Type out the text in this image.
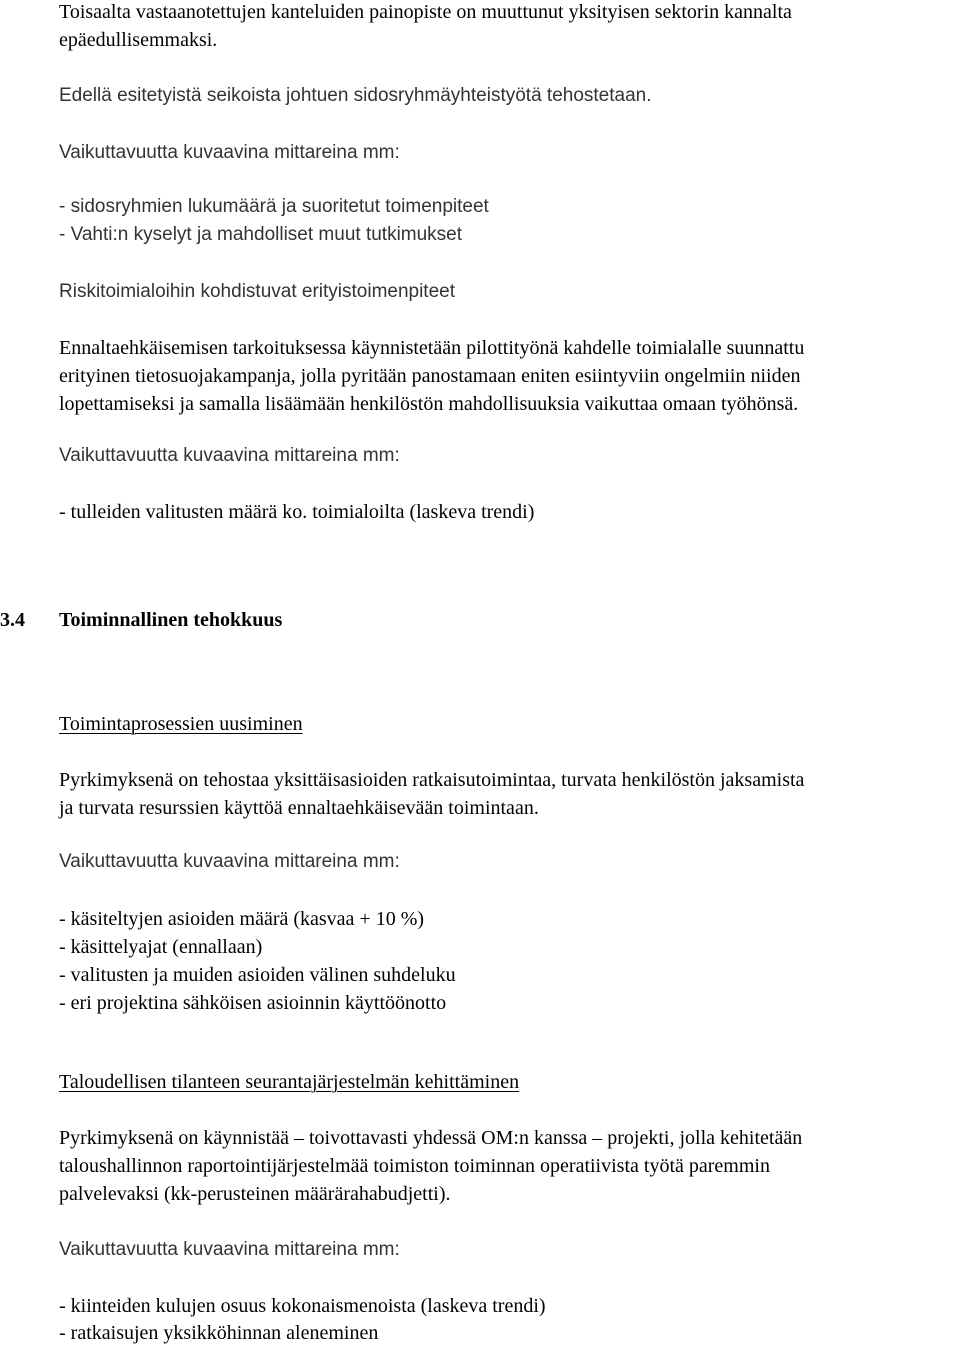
Toisaalta vastaanotettujen kanteluiden painopiste on muuttunut yksityisen sektorin kannalta
epäedullisemmaksi.
Edellä esitetyistä seikoista johtuen sidosryhmäyhteistyötä tehostetaan.
Vaikuttavuutta kuvaavina mittareina mm:
- sidosryhmien lukumäärä ja suoritetut toimenpiteet
- Vahti:n kyselyt ja mahdolliset muut tutkimukset
Riskitoimialoihin kohdistuvat erityistoimenpiteet
Ennaltaehkäisemisen tarkoituksessa käynnistetään pilottityönä kahdelle toimialalle suunnattu
erityinen tietosuojakampanja, jolla pyritään panostamaan eniten esiintyviin ongelmiin niiden
lopettamiseksi ja samalla lisäämään henkilöstön mahdollisuuksia vaikuttaa omaan työhönsä.
Vaikuttavuutta kuvaavina mittareina mm:
- tulleiden valitusten määrä ko. toimialoilta (laskeva trendi)
3.4 Toiminnallinen tehokkuus
Toimintaprosessien uusiminen
Pyrkimyksenä on tehostaa yksittäisasioiden ratkaisutoimintaa, turvata henkilöstön jaksamista
ja turvata resurssien käyttöä ennaltaehkäisevään toimintaan.
Vaikuttavuutta kuvaavina mittareina mm:
- käsiteltyjen asioiden määrä (kasvaa + 10 %)
- käsittelyajat (ennallaan)
- valitusten ja muiden asioiden välinen suhdeluku
- eri projektina sähköisen asioinnin käyttöönotto
Taloudellisen tilanteen seurantajärjestelmän kehittäminen
Pyrkimyksenä on käynnistää – toivottavasti yhdessä OM:n kanssa – projekti, jolla kehitetään
taloushallinnon raportointijärjestelmää toimiston toiminnan operatiivista työtä paremmin
palvelevaksi (kk-perusteinen määrärahabudjetti).
Vaikuttavuutta kuvaavina mittareina mm:
- kiinteiden kulujen osuus kokonaismenoista (laskeva trendi)
- ratkaisujen yksikköhinnan aleneminen
